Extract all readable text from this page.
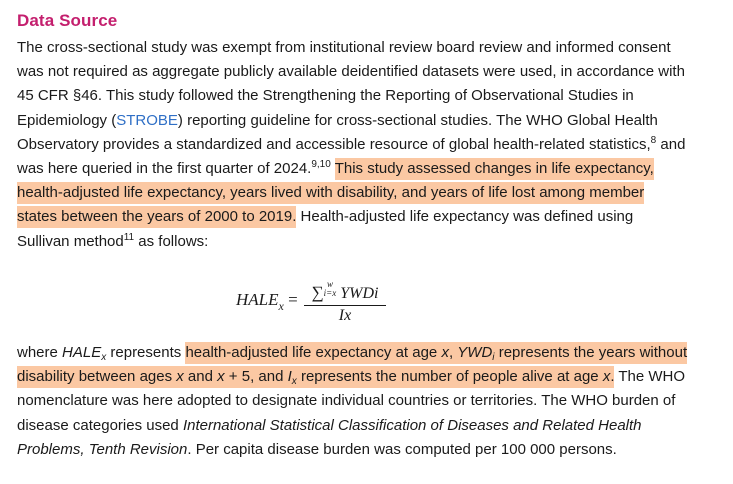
Data Source

The cross-sectional study was exempt from institutional review board review and informed consent
was not required as aggregate publicly available deidentified datasets were used, in accordance with
45 CFR §46. This study followed the Strengthening the Reporting of Observational Studies in
Epidemiology (STROBE) reporting guideline for cross-sectional studies. The WHO Global Health
Observatory provides a standardized and accessible resource of global health-related statistics,$^8$ and
was here queried in the first quarter of 2024.$^{9,10}$ This study assessed changes in life expectancy,
health-adjusted life expectancy, years lived with disability, and years of life lost among member
states between the years of 2000 to 2019. Health-adjusted life expectancy was defined using
Sullivan method$^{11}$ as follows:

$HALE_x$ = ∑ w
i=x YWDi
Ix

where $HALE_x$ represents health-adjusted life expectancy at age x, $YWD_i$ represents the years without
disability between ages x and x + 5, and $I_x$ represents the number of people alive at age x. The WHO
nomenclature was here adopted to designate individual countries or territories. The WHO burden of
disease categories used International Statistical Classification of Diseases and Related Health
Problems, Tenth Revision. Per capita disease burden was computed per 100 000 persons.
